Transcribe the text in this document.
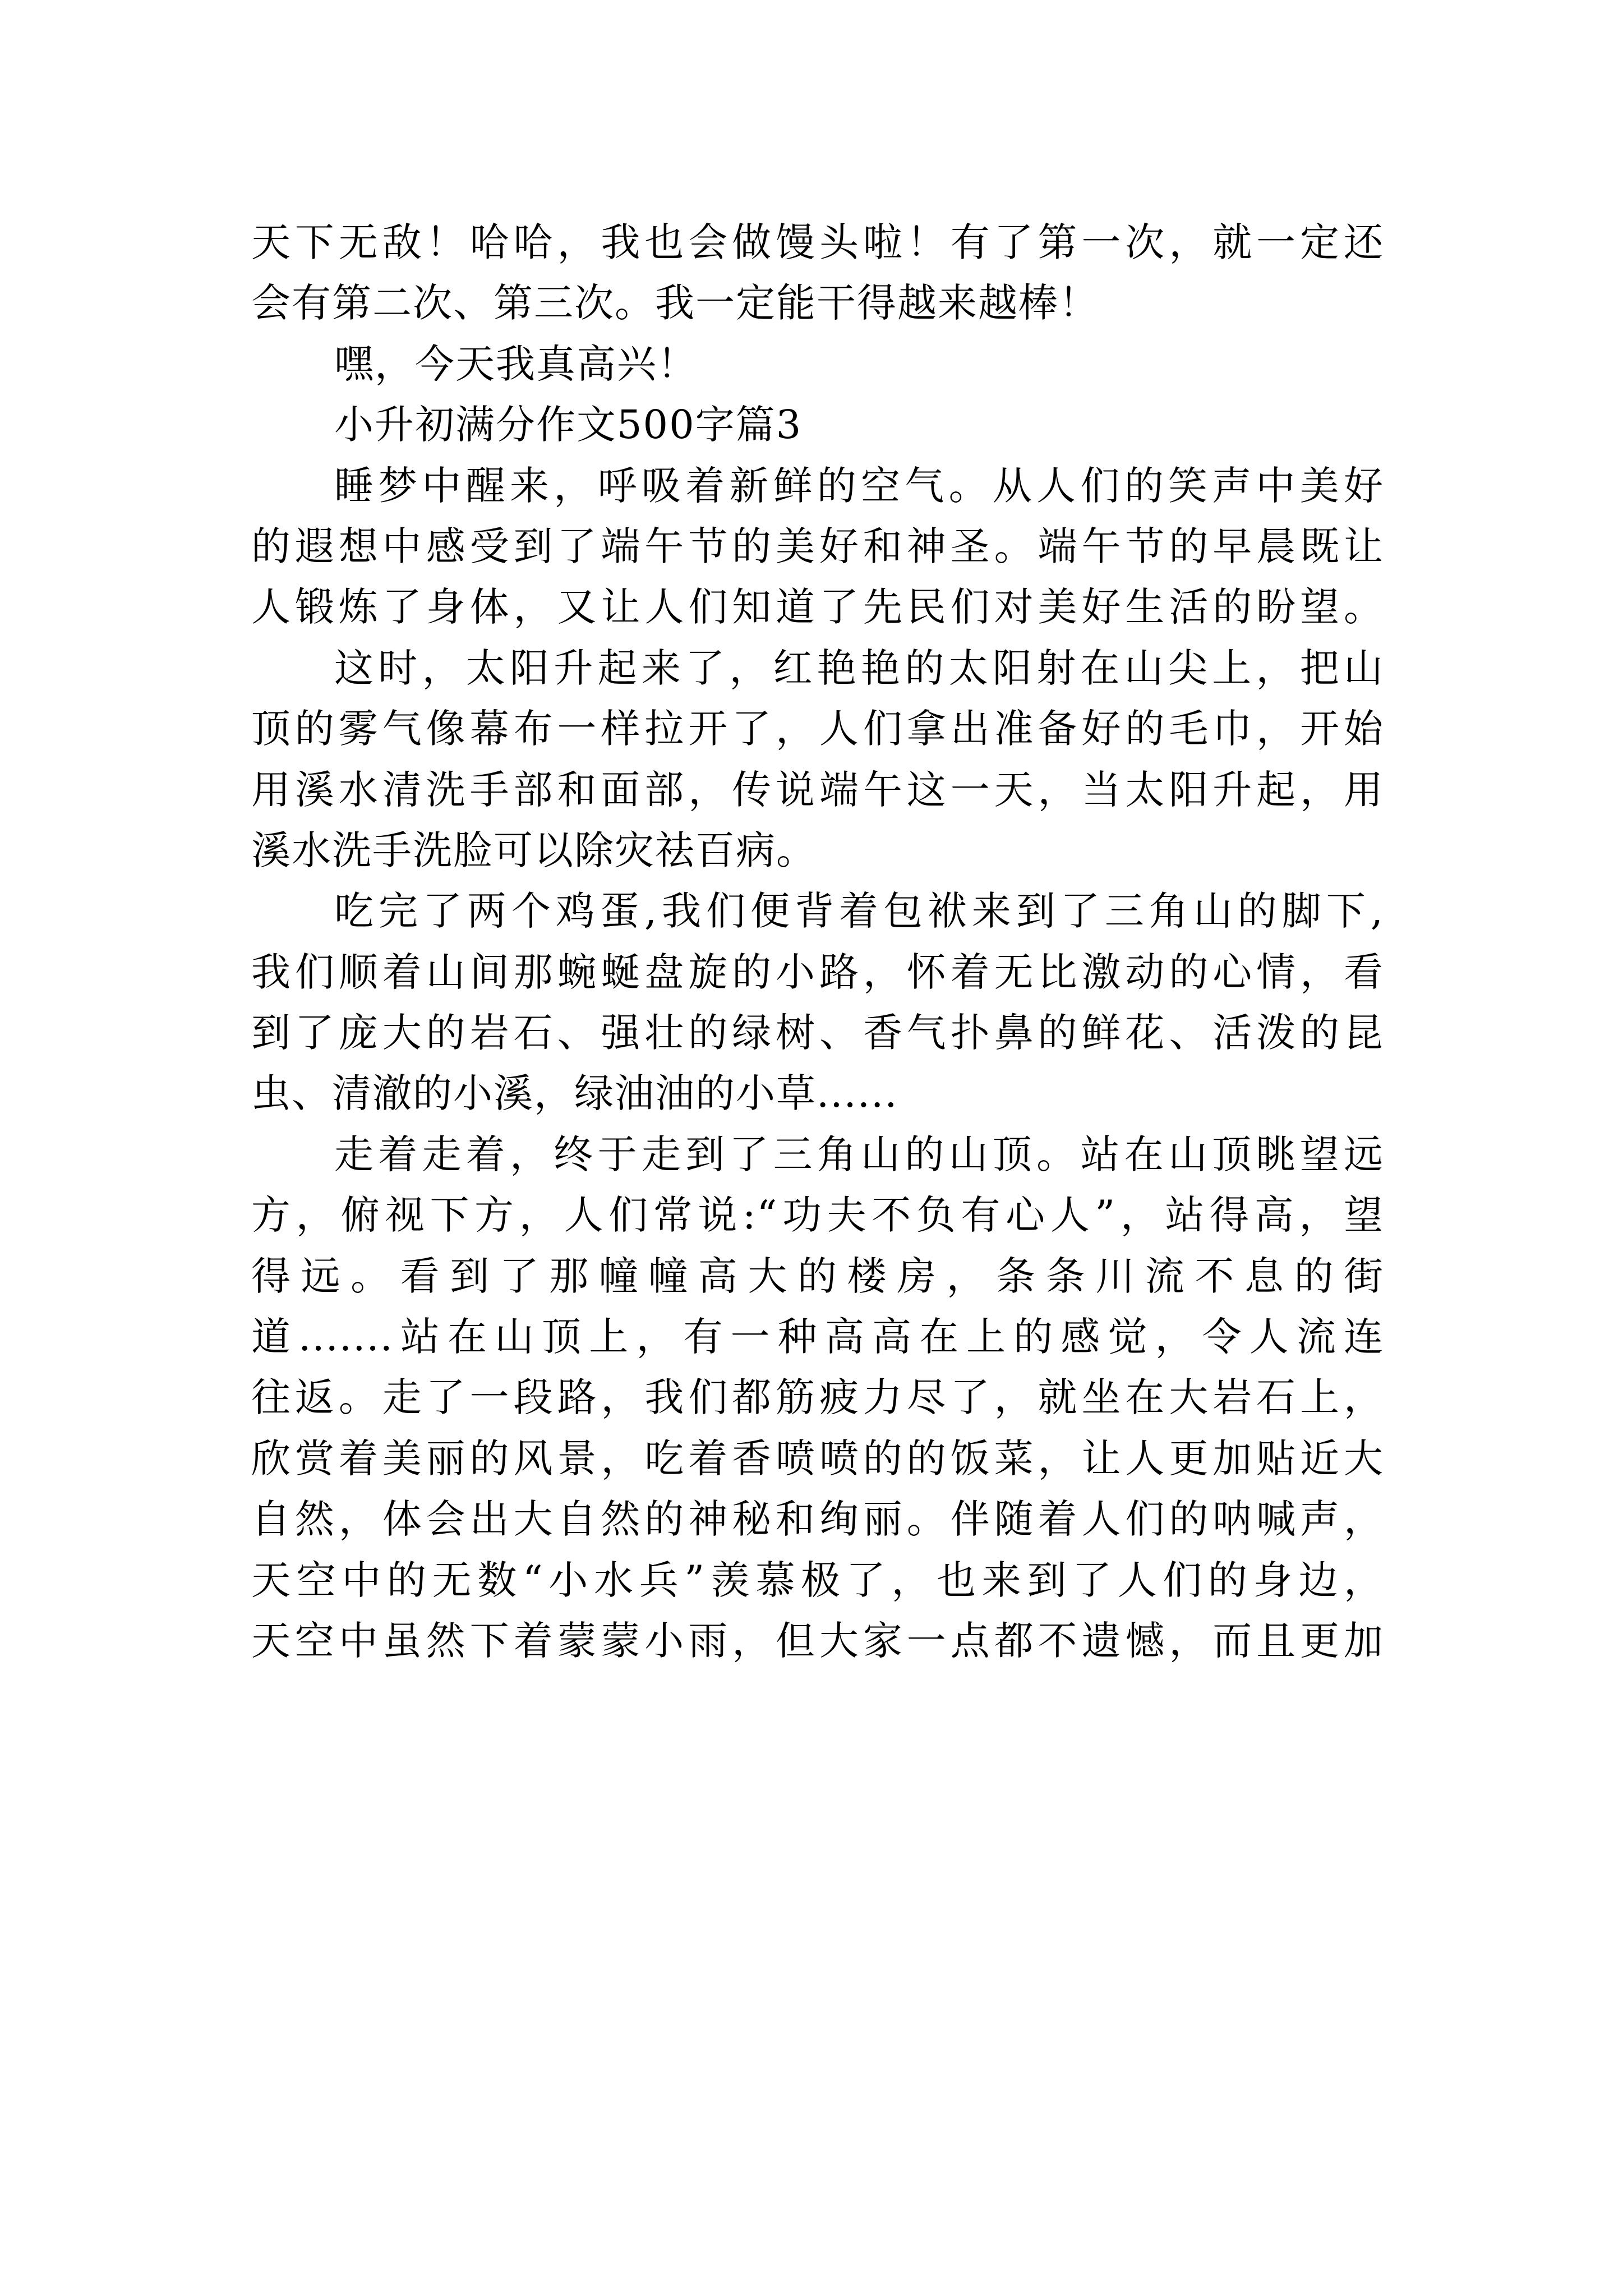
天下无敌！哈哈，我也会做馒头啦！有了第一次，就一定还
会有第二次、第三次。我一定能干得越来越棒！
嘿，今天我真高兴！
小升初满分作文500字篇3
睡梦中醒来，呼吸着新鲜的空气。从人们的笑声中美好
的遐想中感受到了端午节的美好和神圣。端午节的早晨既让
人锻炼了身体，又让人们知道了先民们对美好生活的盼望。
这时，太阳升起来了，红艳艳的太阳射在山尖上，把山
顶的雾气像幕布一样拉开了，人们拿出准备好的毛巾，开始
用溪水清洗手部和面部，传说端午这一天，当太阳升起，用
溪水洗手洗脸可以除灾祛百病。
吃完了两个鸡蛋,我们便背着包袱来到了三角山的脚下,
我们顺着山间那蜿蜒盘旋的小路，怀着无比激动的心情，看
到了庞大的岩石、强壮的绿树、香气扑鼻的鲜花、活泼的昆
虫、清澈的小溪，绿油油的小草......
走着走着，终于走到了三角山的山顶。站在山顶眺望远
方，俯视下方，人们常说:“功夫不负有心人”，站得高，望
得远。看到了那幢幢高大的楼房，条条川流不息的街
道.......站在山顶上，有一种高高在上的感觉，令人流连
往返。走了一段路，我们都筋疲力尽了，就坐在大岩石上，
欣赏着美丽的风景，吃着香喷喷的的饭菜，让人更加贴近大
自然，体会出大自然的神秘和绚丽。伴随着人们的呐喊声，
天空中的无数“小水兵”羡慕极了，也来到了人们的身边，
天空中虽然下着蒙蒙小雨，但大家一点都不遗憾，而且更加
